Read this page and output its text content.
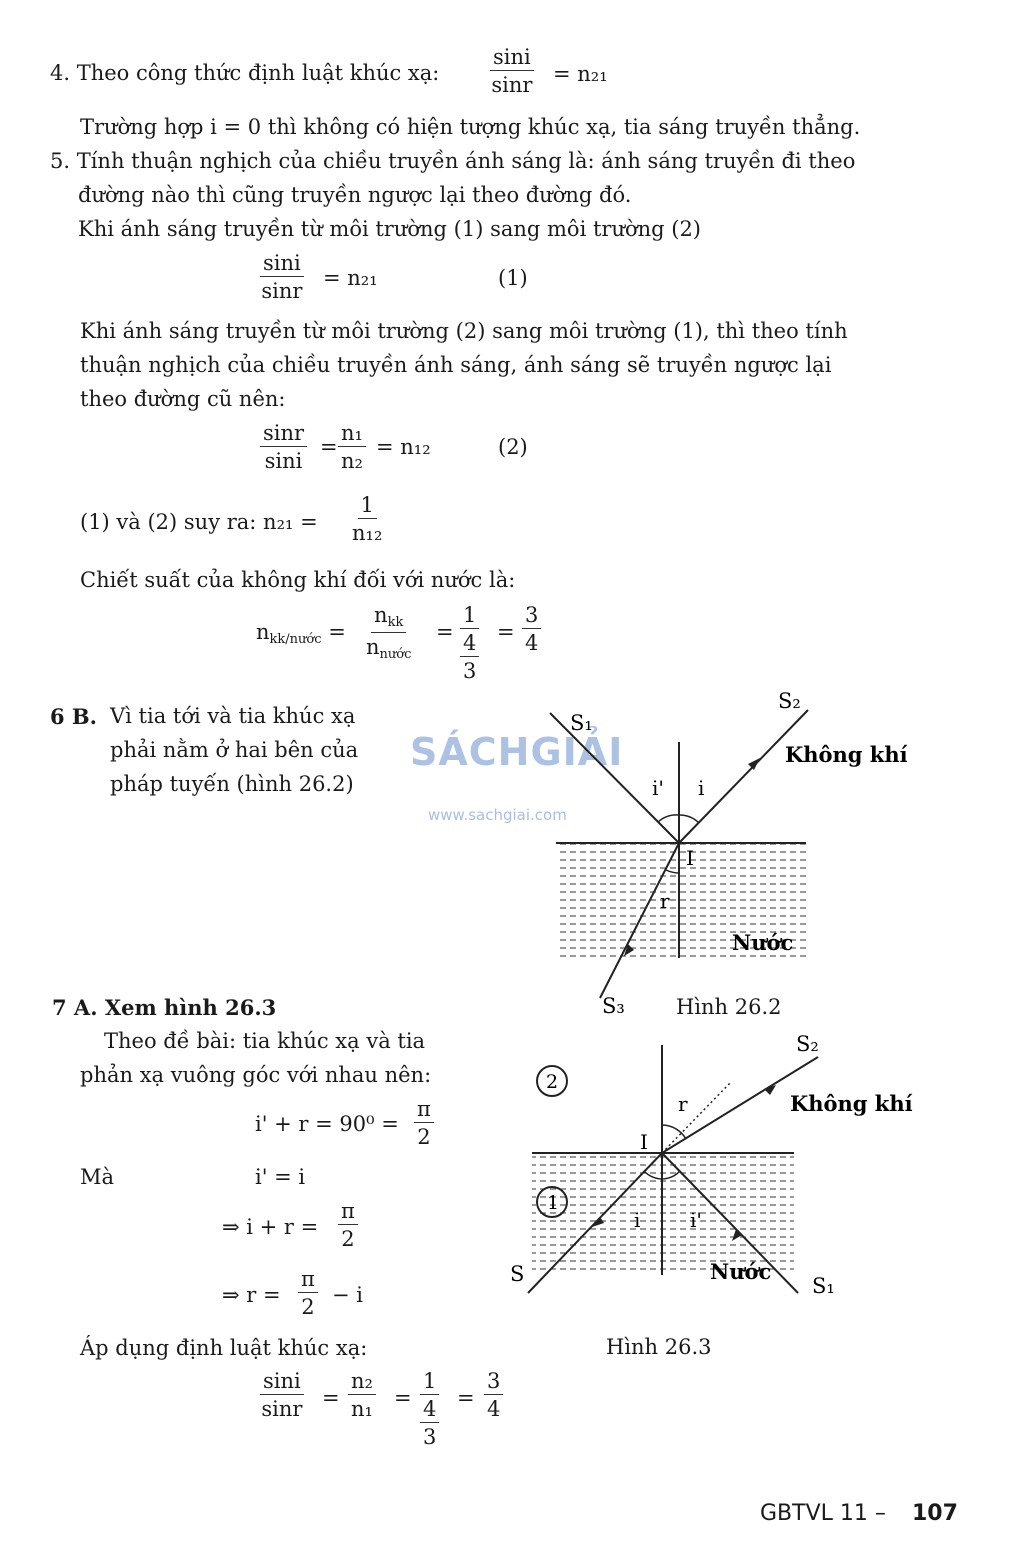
4. Theo công thức định luật khúc xạ: $\frac{\sin i}{\sin r} = n_{21}$
Trường hợp i = 0 thì không có hiện tượng khúc xạ, tia sáng truyền thẳng.
5. Tính thuận nghịch của chiều truyền ánh sáng là: ánh sáng truyền đi theo
đường nào thì cũng truyền ngược lại theo đường đó.
Khi ánh sáng truyền từ môi trường (1) sang môi trường (2)
$\frac{\sin i}{\sin r} = n_{21}$	(1)
Khi ánh sáng truyền từ môi trường (2) sang môi trường (1), thì theo tính
thuận nghịch của chiều truyền ánh sáng, ánh sáng sẽ truyền ngược lại
theo đường cũ nên:
$\frac{\sin r}{\sin i} = \frac{\text{n₁}}{\text{n₂}} = n_{12}$	(2)
(1) và (2) suy ra: $n_{21} = \frac{1}{\text{n₁₂}}$
Chiết suất của không khí đối với nước là:
$n_{kk/nước}$ =
$n_{kk}$
$n_{nước}$
=
1
4
3
= $\frac{3}{4}$
6 B. Vì tia tới và tia khúc xạ
phải nằm ở hai bên của
pháp tuyến (hình 26.2)
SÁCHGIẢI
www.sachgiai.com
S₁
S₂
Không khí
i' i
I
r
Nước
S₃ Hình 26.2
7 A. Xem hình 26.3
Theo đề bài: tia khúc xạ và tia
phản xạ vuông góc với nhau nên:
$i' + r = 90^0 = \frac{\pi}{2}$
Mà	i' = i
⇒ $i + r = \frac{\pi}{2}$
⇒ $r = \frac{\pi}{2} - i$
Áp dụng định luật khúc xạ:
$\frac{\sin i}{\sin r} = \frac{\text{n₂}}{\text{n₁}}$ =
1
4
3
= $\frac{3}{4}$
2
1
S₂
Không khí
r
I
i i'
S	Nước
S₁
Hình 26.3
GBTVL 11 – 107
